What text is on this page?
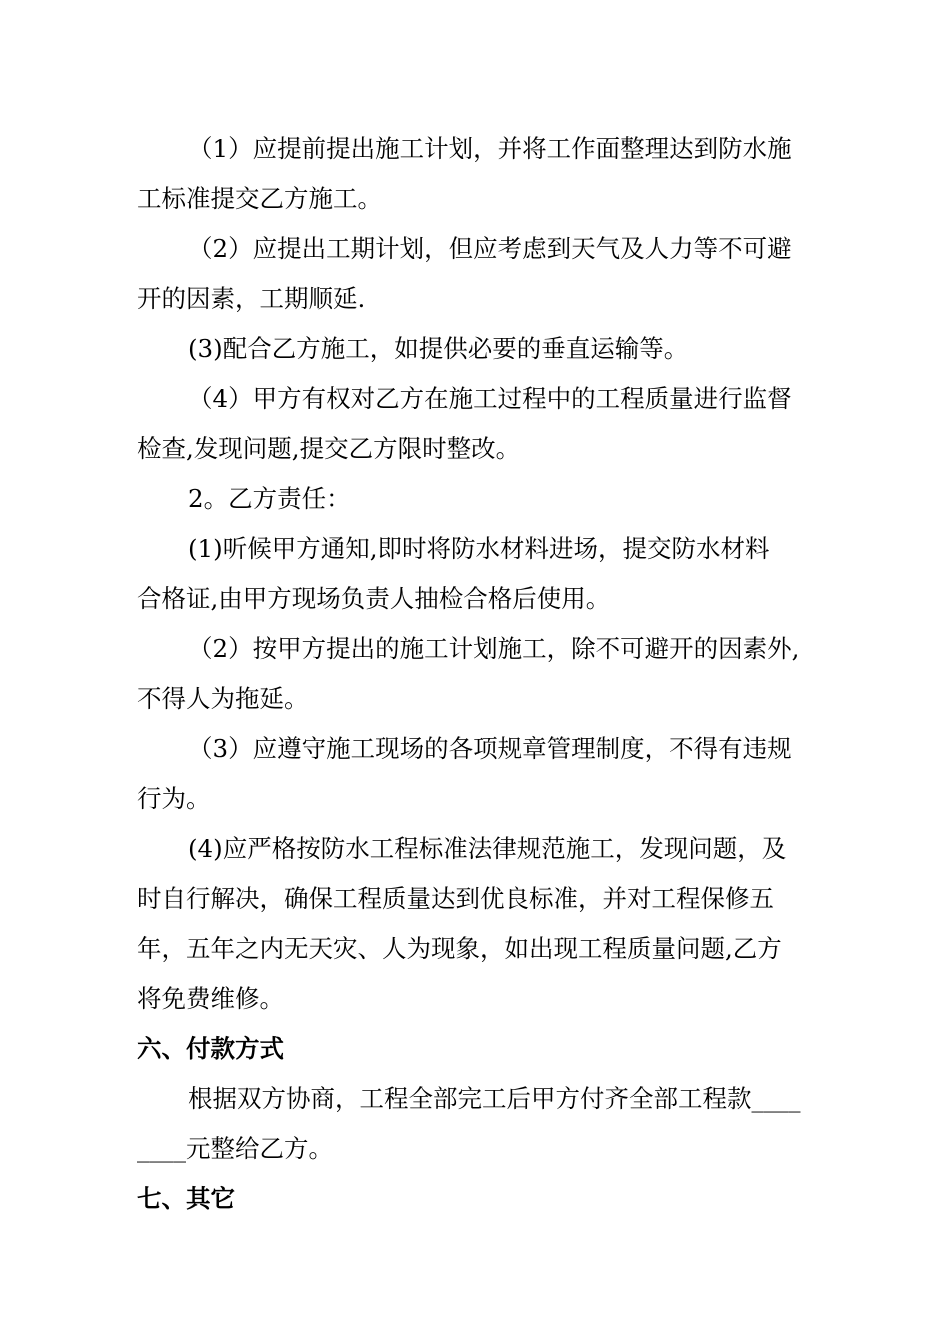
（1）应提前提出施工计划，并将工作面整理达到防水施

工标准提交乙方施工。

（2）应提出工期计划，但应考虑到天气及人力等不可避

开的因素，工期顺延.

(3)配合乙方施工，如提供必要的垂直运输等。

（4）甲方有权对乙方在施工过程中的工程质量进行监督

检查,发现问题,提交乙方限时整改。

2。乙方责任：

(1)听候甲方通知,即时将防水材料进场，提交防水材料

合格证,由甲方现场负责人抽检合格后使用。

（2）按甲方提出的施工计划施工，除不可避开的因素外,

不得人为拖延。

（3）应遵守施工现场的各项规章管理制度，不得有违规

行为。

(4)应严格按防水工程标准法律规范施工，发现问题，及

时自行解决，确保工程质量达到优良标准，并对工程保修五

年，五年之内无天灾、人为现象，如出现工程质量问题,乙方

将免费维修。

六、付款方式

根据双方协商，工程全部完工后甲方付齐全部工程款____

____元整给乙方。

七、其它
